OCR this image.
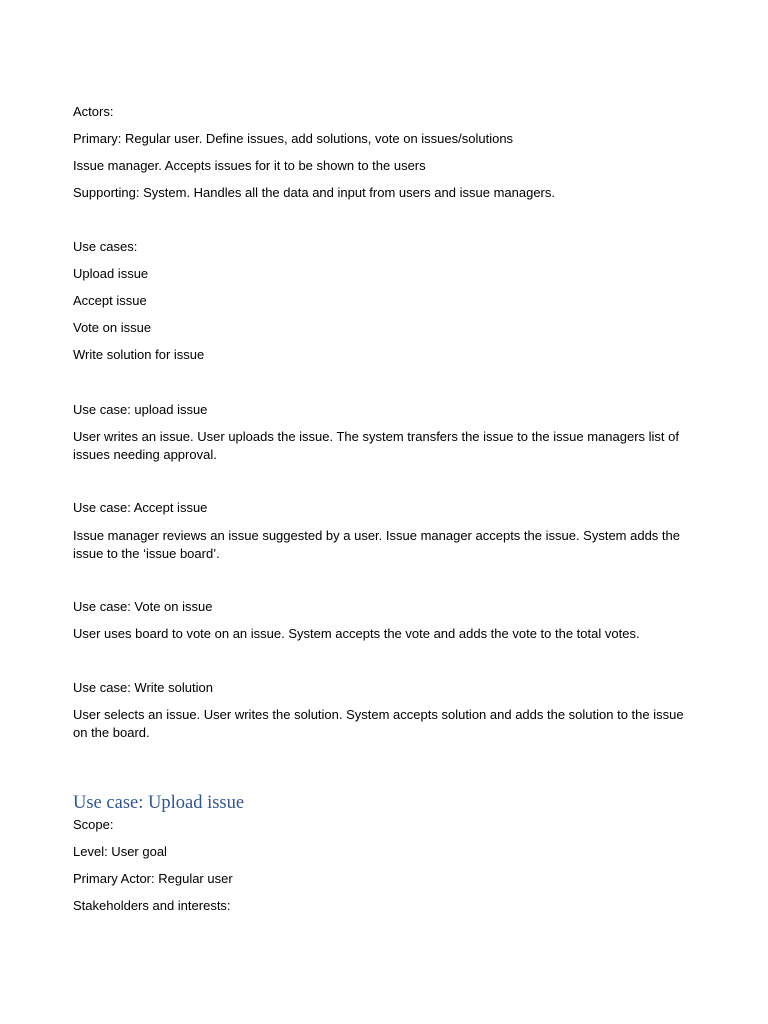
Actors:
Primary: Regular user. Define issues, add solutions, vote on issues/solutions
Issue manager. Accepts issues for it to be shown to the users
Supporting: System. Handles all the data and input from users and issue managers.
Use cases:
Upload issue
Accept issue
Vote on issue
Write solution for issue
Use case: upload issue
User writes an issue. User uploads the issue. The system transfers the issue to the issue managers list of issues needing approval.
Use case: Accept issue
Issue manager reviews an issue suggested by a user. Issue manager accepts the issue. System adds the issue to the ‘issue board’.
Use case: Vote on issue
User uses board to vote on an issue. System accepts the vote and adds the vote to the total votes.
Use case: Write solution
User selects an issue. User writes the solution. System accepts solution and adds the solution to the issue on the board.
Use case: Upload issue
Scope:
Level: User goal
Primary Actor: Regular user
Stakeholders and interests:
